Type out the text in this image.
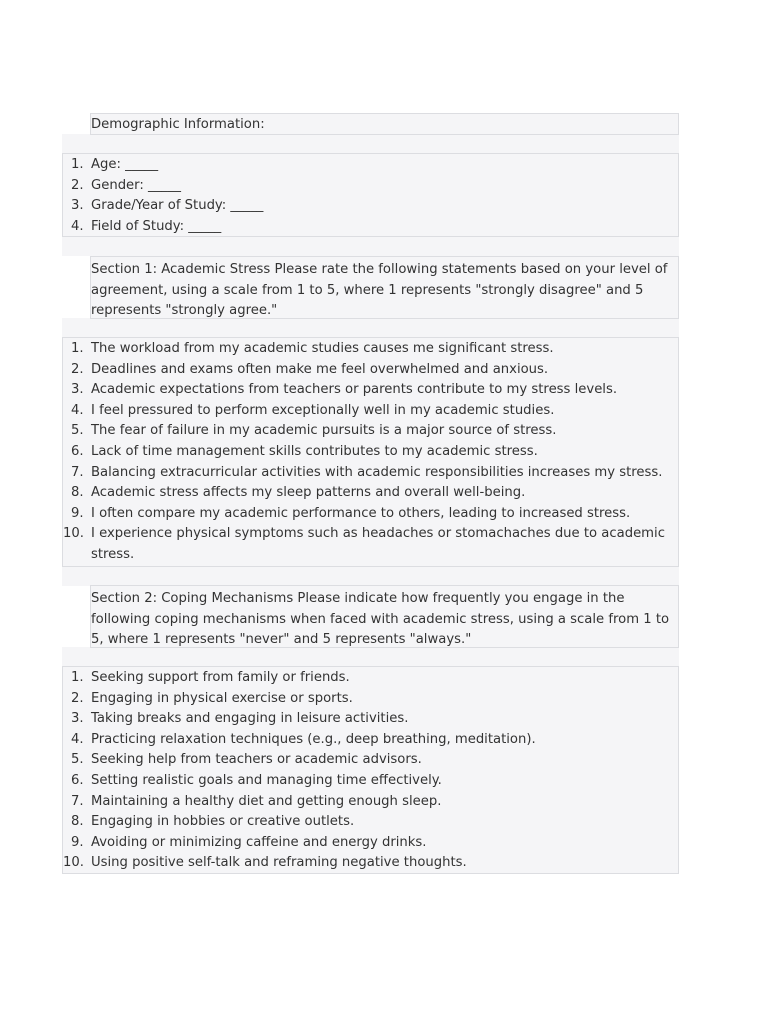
Demographic Information:
1. Age: _____
2. Gender: _____
3. Grade/Year of Study: _____
4. Field of Study: _____
Section 1: Academic Stress Please rate the following statements based on your level of agreement, using a scale from 1 to 5, where 1 represents "strongly disagree" and 5 represents "strongly agree."
1. The workload from my academic studies causes me significant stress.
2. Deadlines and exams often make me feel overwhelmed and anxious.
3. Academic expectations from teachers or parents contribute to my stress levels.
4. I feel pressured to perform exceptionally well in my academic studies.
5. The fear of failure in my academic pursuits is a major source of stress.
6. Lack of time management skills contributes to my academic stress.
7. Balancing extracurricular activities with academic responsibilities increases my stress.
8. Academic stress affects my sleep patterns and overall well-being.
9. I often compare my academic performance to others, leading to increased stress.
10. I experience physical symptoms such as headaches or stomachaches due to academic stress.
Section 2: Coping Mechanisms Please indicate how frequently you engage in the following coping mechanisms when faced with academic stress, using a scale from 1 to 5, where 1 represents "never" and 5 represents "always."
1. Seeking support from family or friends.
2. Engaging in physical exercise or sports.
3. Taking breaks and engaging in leisure activities.
4. Practicing relaxation techniques (e.g., deep breathing, meditation).
5. Seeking help from teachers or academic advisors.
6. Setting realistic goals and managing time effectively.
7. Maintaining a healthy diet and getting enough sleep.
8. Engaging in hobbies or creative outlets.
9. Avoiding or minimizing caffeine and energy drinks.
10. Using positive self-talk and reframing negative thoughts.
